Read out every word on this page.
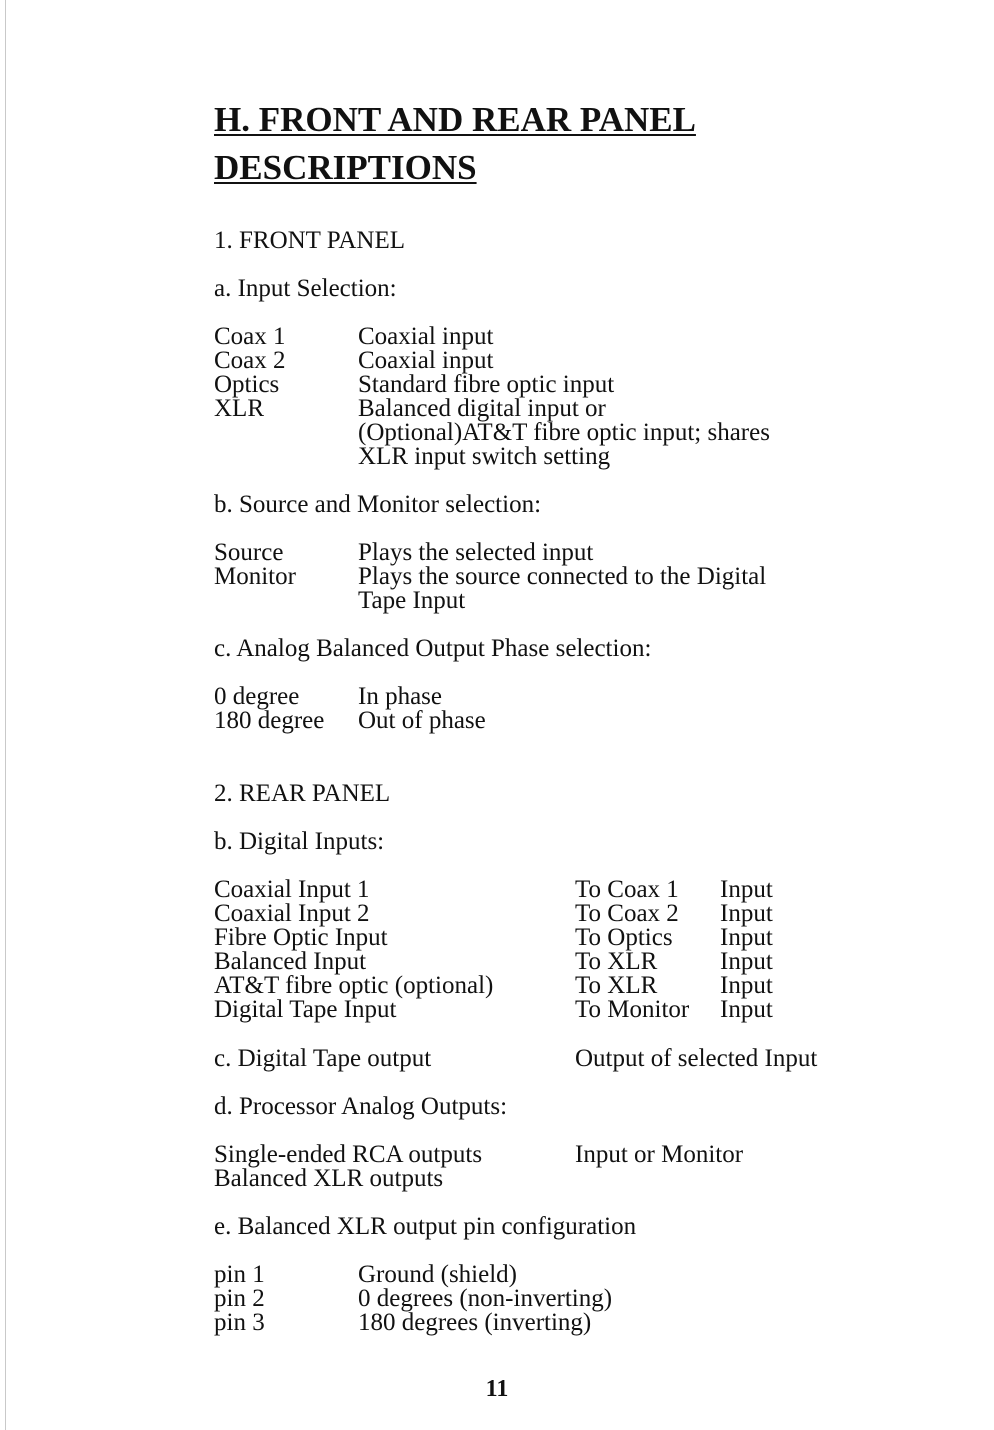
H. FRONT AND REAR PANEL
DESCRIPTIONS
1. FRONT PANEL
a. Input Selection:
Coax 1	Coaxial input
Coax 2	Coaxial input
Optics	Standard fibre optic input
XLR	Balanced digital input or
(Optional)AT&T fibre optic input; shares
XLR input switch setting
b. Source and Monitor selection:
Source	Plays the selected input
Monitor Plays the source connected to the Digital
Tape Input
c. Analog Balanced Output Phase selection:
0 degree In phase
180 degree Out of phase
2. REAR PANEL
b. Digital Inputs:
Coaxial Input 1	To Coax 1 Input
Coaxial Input 2	To Coax 2 Input
Fibre Optic Input	To Optics Input
Balanced Input	To XLR	Input
AT&T fibre optic (optional)	To XLR	Input
Digital Tape Input	To Monitor Input
c. Digital Tape output	Output of selected Input
d. Processor Analog Outputs:
Single-ended RCA outputs	Input or Monitor
Balanced XLR outputs
e. Balanced XLR output pin configuration
pin 1	Ground (shield)
pin 2	0 degrees (non-inverting)
pin 3	180 degrees (inverting)
11
